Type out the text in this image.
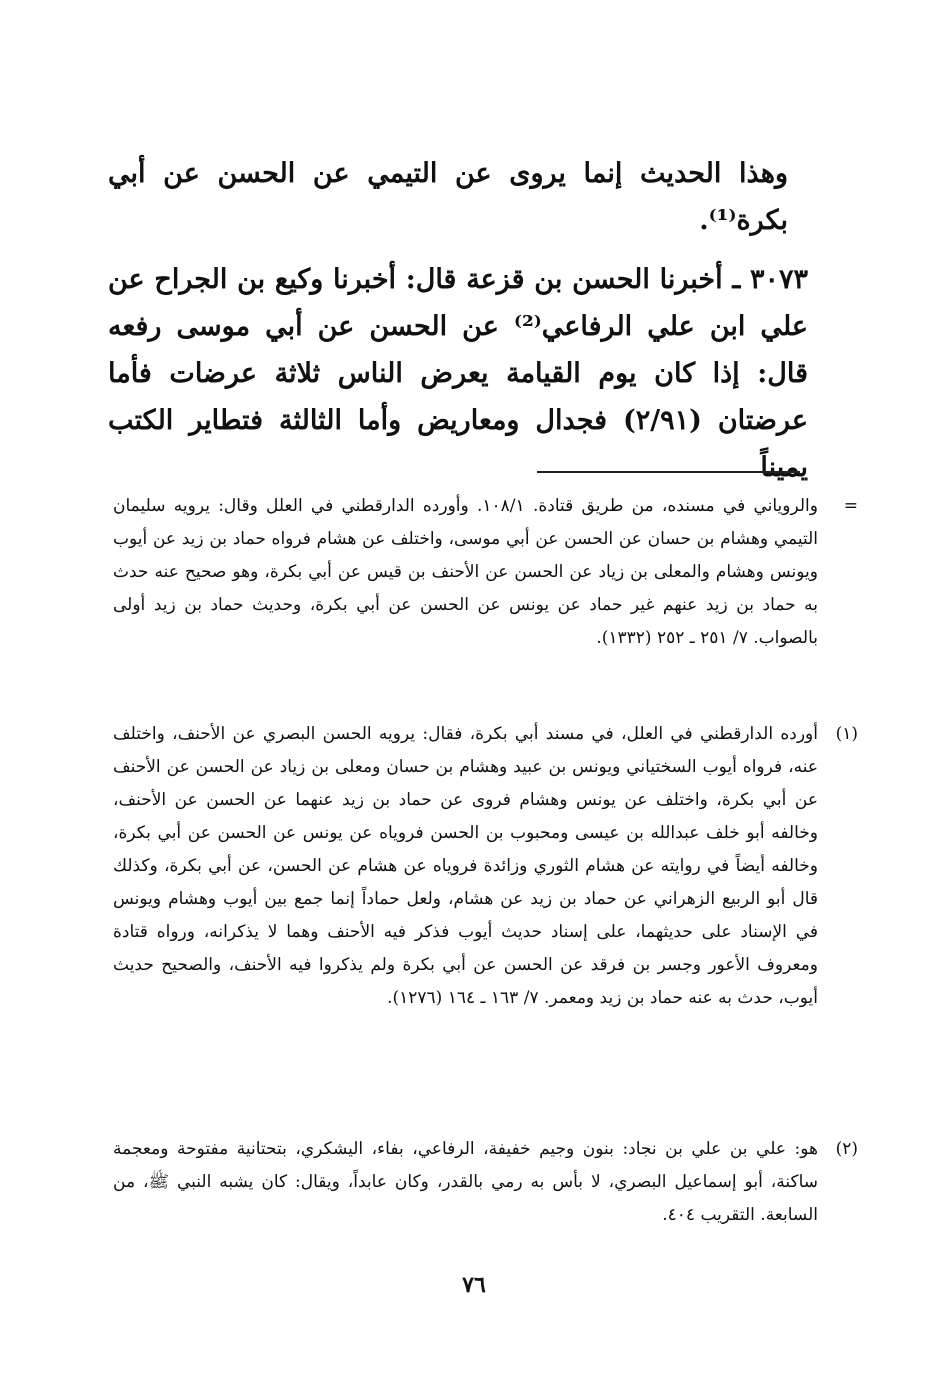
وهذا الحديث إنما يروى عن التيمي عن الحسن عن أبي بكرة⁽¹⁾.
٣٠٧٣ ـ أخبرنا الحسن بن قزعة قال: أخبرنا وكيع بن الجراح عن علي ابن علي الرفاعي⁽²⁾ عن الحسن عن أبي موسى رفعه قال: إذا كان يوم القيامة يعرض الناس ثلاثة عرضات فأما عرضتان (٢/٩١) فجدال ومعاريض وأما الثالثة فتطاير الكتب يميناً
=
والروياني في مسنده، من طريق قتادة. ١٠٨/١. وأورده الدارقطني في العلل وقال: يرويه سليمان التيمي وهشام بن حسان عن الحسن عن أبي موسى، واختلف عن هشام فرواه حماد بن زيد عن أيوب ويونس وهشام والمعلى بن زياد عن الحسن عن الأحنف بن قيس عن أبي بكرة، وهو صحيح عنه حدث به حماد بن زيد عنهم غير حماد عن يونس عن الحسن عن أبي بكرة، وحديث حماد بن زيد أولى بالصواب. ٧/ ٢٥١ ـ ٢٥٢ (١٣٣٢).
(١)
أورده الدارقطني في العلل، في مسند أبي بكرة، فقال: يرويه الحسن البصري عن الأحنف، واختلف عنه، فرواه أيوب السختياني ويونس بن عبيد وهشام بن حسان ومعلى بن زياد عن الحسن عن الأحنف عن أبي بكرة، واختلف عن يونس وهشام فروى عن حماد بن زيد عنهما عن الحسن عن الأحنف، وخالفه أبو خلف عبدالله بن عيسى ومحبوب بن الحسن فروياه عن يونس عن الحسن عن أبي بكرة، وخالفه أيضاً في روايته عن هشام الثوري وزائدة فروياه عن هشام عن الحسن، عن أبي بكرة، وكذلك قال أبو الربيع الزهراني عن حماد بن زيد عن هشام، ولعل حماداً إنما جمع بين أيوب وهشام ويونس في الإسناد على حديثهما، على إسناد حديث أيوب فذكر فيه الأحنف وهما لا يذكرانه، ورواه قتادة ومعروف الأعور وجسر بن فرقد عن الحسن عن أبي بكرة ولم يذكروا فيه الأحنف، والصحيح حديث أيوب، حدث به عنه حماد بن زيد ومعمر. ٧/ ١٦٣ ـ ١٦٤ (١٢٧٦).
(٢)
هو: علي بن علي بن نجاد: بنون وجيم خفيفة، الرفاعي، بفاء، اليشكري، بتحتانية مفتوحة ومعجمة ساكنة، أبو إسماعيل البصري، لا بأس به رمي بالقدر، وكان عابداً، ويقال: كان يشبه النبي ﷺ، من السابعة. التقريب ٤٠٤.
٧٦
